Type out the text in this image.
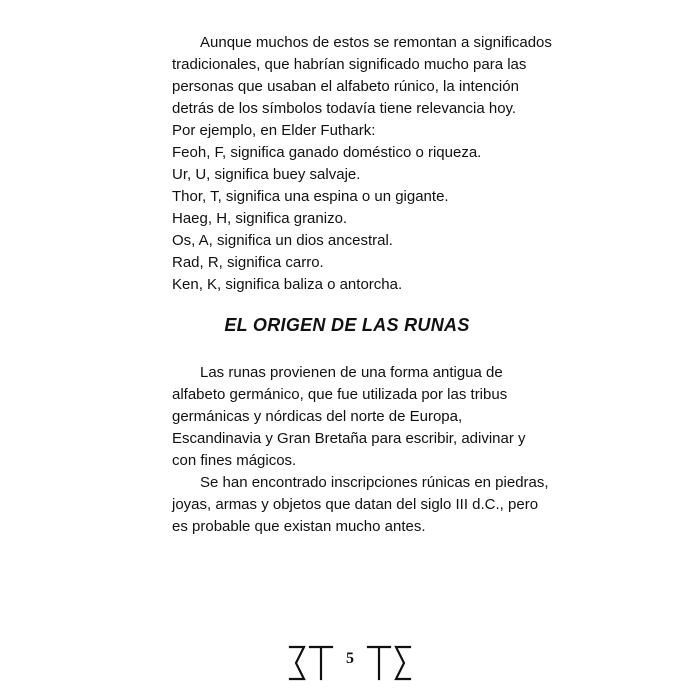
Aunque muchos de estos se remontan a significados
tradicionales, que habrían significado mucho para las
personas que usaban el alfabeto rúnico, la intención
detrás de los símbolos todavía tiene relevancia hoy.

Por ejemplo, en Elder Futhark:

Feoh, F, significa ganado doméstico o riqueza.

Ur, U, significa buey salvaje.

Thor, T, significa una espina o un gigante.

Haeg, H, significa granizo.

Os, A, significa un dios ancestral.

Rad, R, significa carro.

Ken, K, significa baliza o antorcha.

EL ORIGEN DE LAS RUNAS

Las runas provienen de una forma antigua de
alfabeto germánico, que fue utilizada por las tribus
germánicas y nórdicas del norte de Europa,
Escandinavia y Gran Bretaña para escribir, adivinar y
con fines mágicos.

Se han encontrado inscripciones rúnicas en piedras,
joyas, armas y objetos que datan del siglo III d.C., pero
es probable que existan mucho antes.

5
